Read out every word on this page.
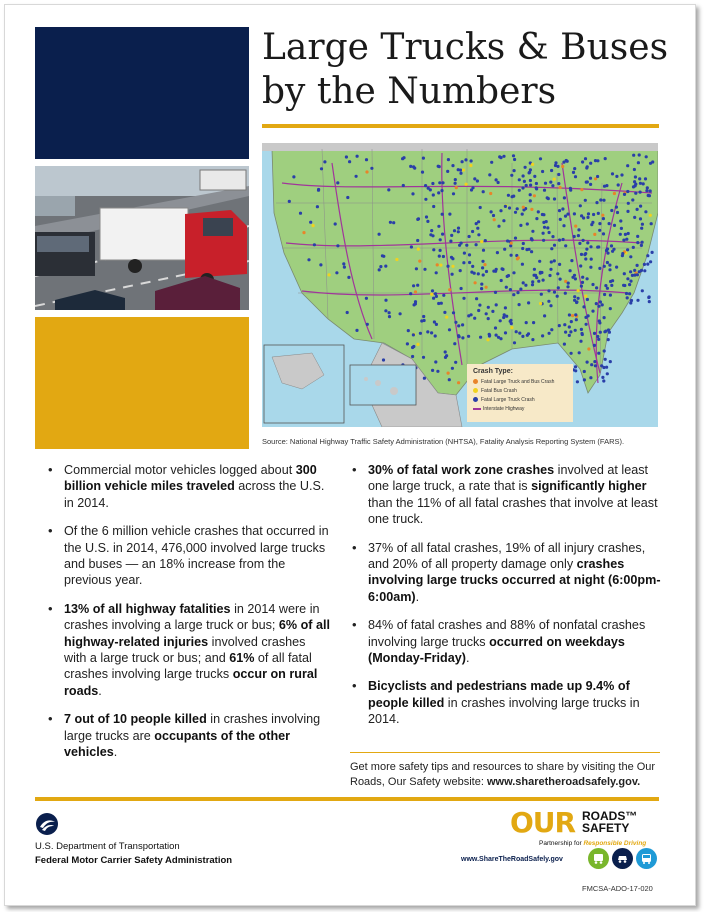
Large Trucks & Buses by the Numbers
Crash Type:
Fatal Large Truck and Bus Crash
Fatal Bus Crash
Fatal Large Truck Crash
Interstate Highway
Source: National Highway Traffic Safety Administration (NHTSA), Fatality Analysis Reporting System (FARS).

• Commercial motor vehicles logged about 300 billion vehicle miles traveled across the U.S. in 2014.

• Of the 6 million vehicle crashes that occurred in the U.S. in 2014, 476,000 involved large trucks and buses — an 18% increase from the previous year.

• 13% of all highway fatalities in 2014 were in crashes involving a large truck or bus; 6% of all highway-related injuries involved crashes with a large truck or bus; and 61% of all fatal crashes involving large trucks occur on rural roads.

• 7 out of 10 people killed in crashes involving large trucks are occupants of the other vehicles.

• 30% of fatal work zone crashes involved at least one large truck, a rate that is significantly higher than the 11% of all fatal crashes that involve at least one truck.

• 37% of all fatal crashes, 19% of all injury crashes, and 20% of all property damage only crashes involving large trucks occurred at night (6:00pm-6:00am).

• 84% of fatal crashes and 88% of nonfatal crashes involving large trucks occurred on weekdays (Monday-Friday).

• Bicyclists and pedestrians made up 9.4% of people killed in crashes involving large trucks in 2014.

Get more safety tips and resources to share by visiting the Our Roads, Our Safety website: www.sharetheroadsafely.gov.

U.S. Department of Transportation
Federal Motor Carrier Safety Administration
OUR ROADS™
SAFETY
Partnership for Responsible Driving
www.ShareTheRoadSafely.gov
FMCSA-ADO-17-020
